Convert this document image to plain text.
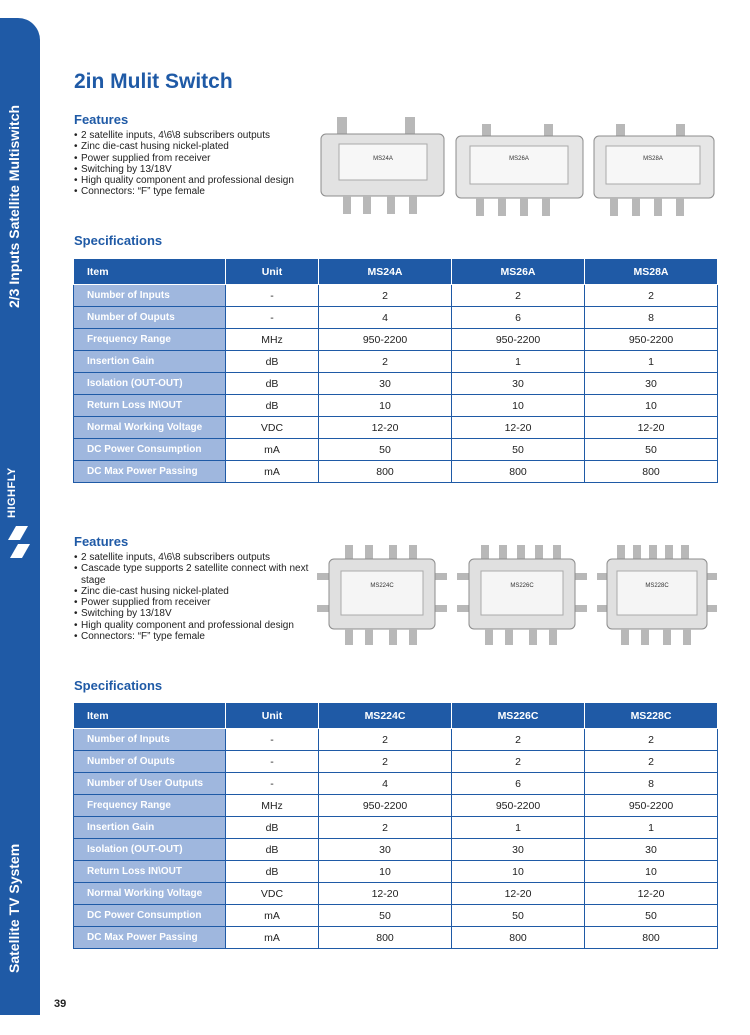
2/3 Inputs Satellite Multiswitch
HIGHFLY
Satellite TV System
39
2in Mulit Switch
Features
• 2 satellite inputs, 4\6\8 subscribers outputs
• Zinc die-cast husing nickel-plated
• Power supplied from receiver
• Switching by 13/18V
• High quality component and professional design
• Connectors: “F” type female
MS24A	MS26A	MS28A
Specifications
Item	Unit	MS24A	MS26A	MS28A
Number of Inputs	-	2	2	2
Number of Ouputs	-	4	6	8
Frequency Range	MHz	950-2200	950-2200	950-2200
Insertion Gain	dB	2	1	1
Isolation (OUT-OUT)	dB	30	30	30
Return Loss IN\OUT	dB	10	10	10
Normal Working Voltage	VDC	12-20	12-20	12-20
DC Power Consumption	mA	50	50	50
DC Max Power Passing	mA	800	800	800
Features
• 2 satellite inputs, 4\6\8 subscribers outputs
• Cascade type supports 2 satellite connect with next stage
• Zinc die-cast husing nickel-plated
• Power supplied from receiver
• Switching by 13/18V
• High quality component and professional design
• Connectors: “F” type female
MS224C	MS226C	MS228C
Specifications
Item	Unit	MS224C	MS226C	MS228C
Number of Inputs	-	2	2	2
Number of Ouputs	-	2	2	2
Number of User Outputs	-	4	6	8
Frequency Range	MHz	950-2200	950-2200	950-2200
Insertion Gain	dB	2	1	1
Isolation (OUT-OUT)	dB	30	30	30
Return Loss IN\OUT	dB	10	10	10
Normal Working Voltage	VDC	12-20	12-20	12-20
DC Power Consumption	mA	50	50	50
DC Max Power Passing	mA	800	800	800
